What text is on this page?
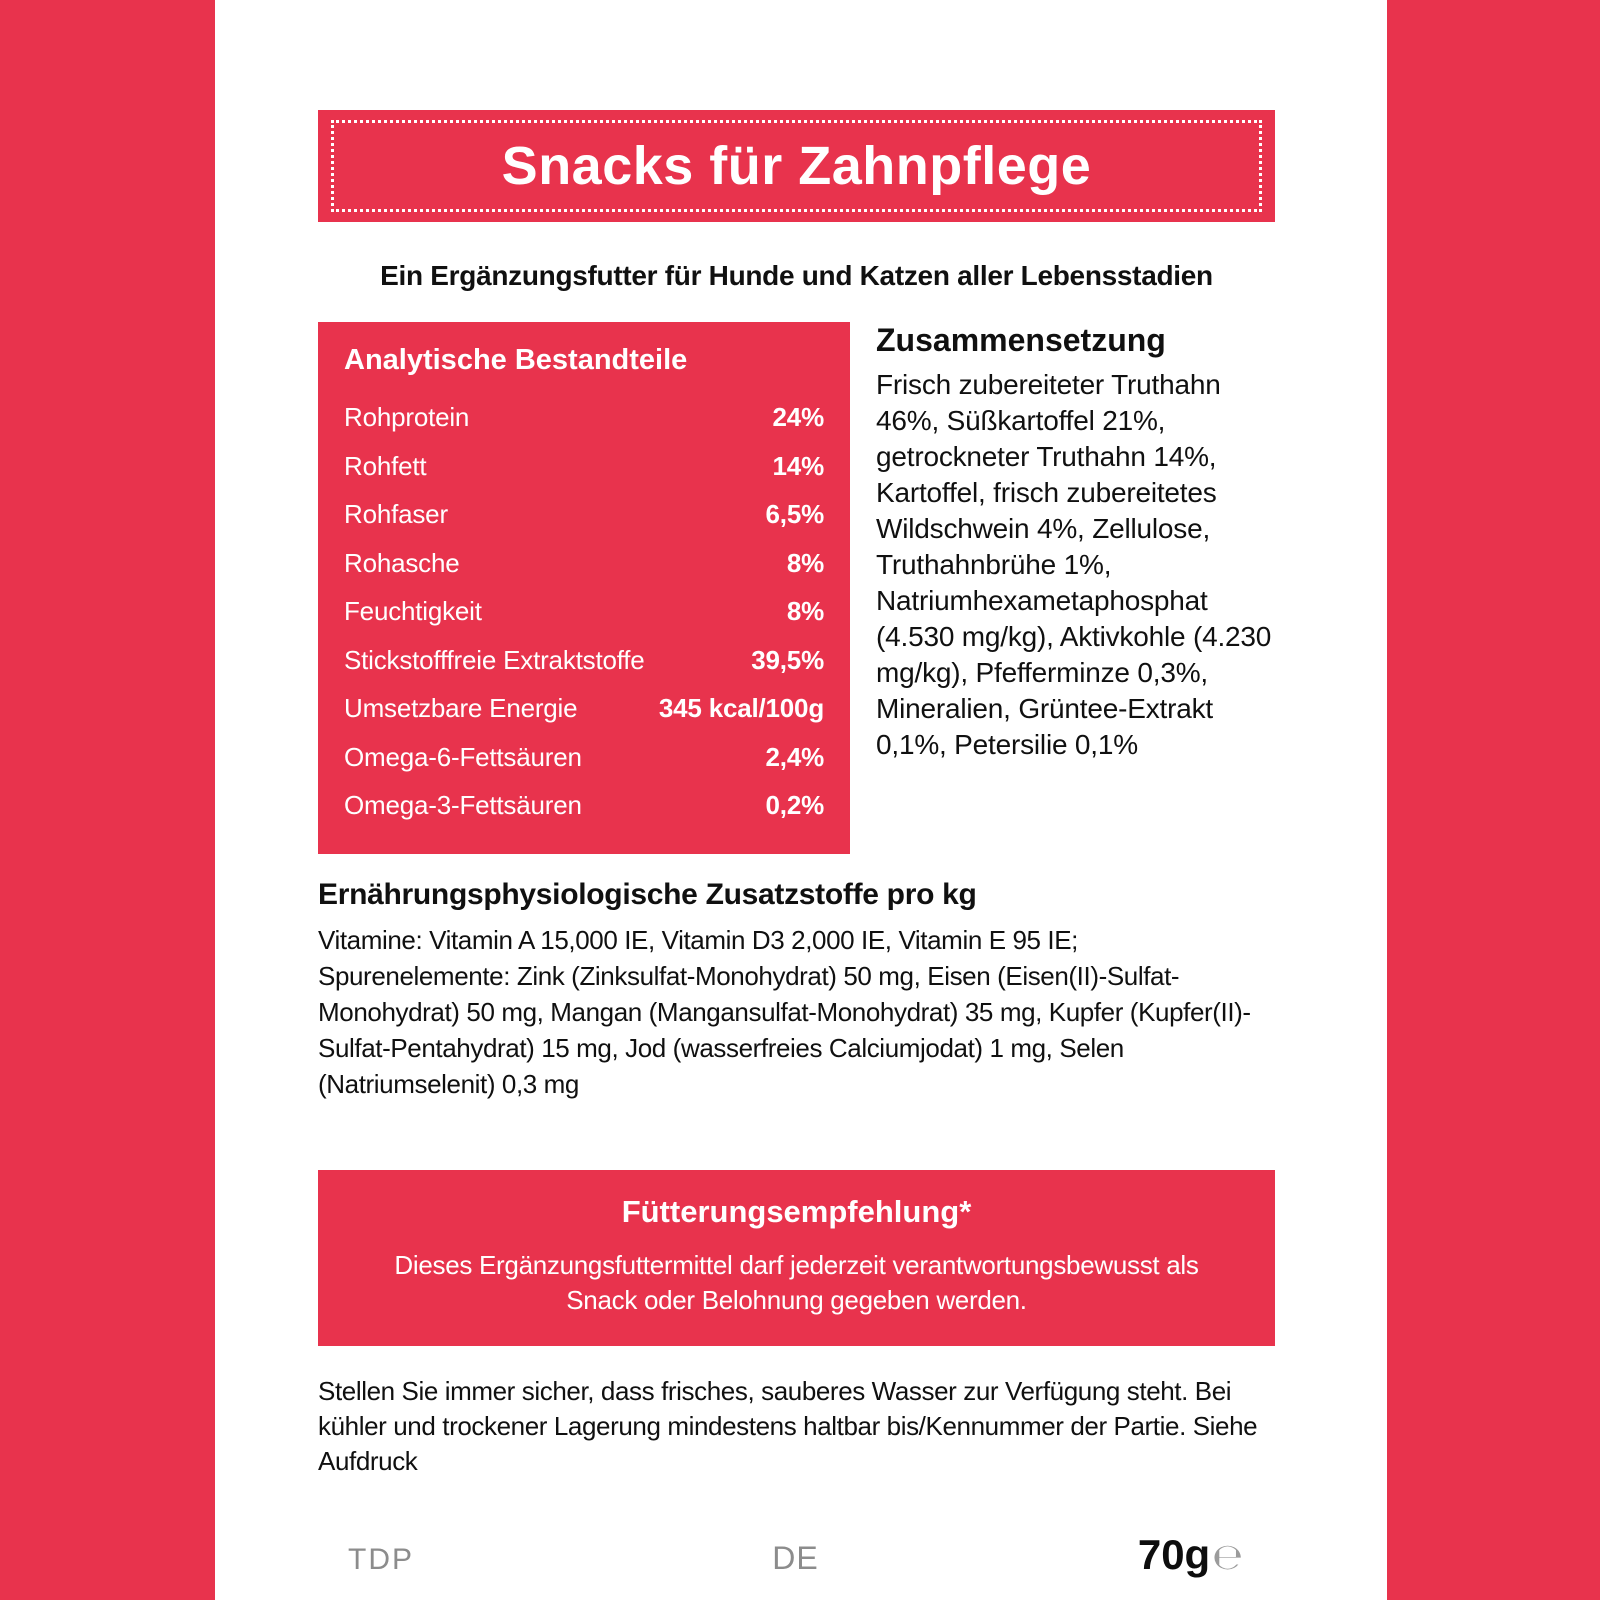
Snacks für Zahnpflege

Ein Ergänzungsfutter für Hunde und Katzen aller Lebensstadien

Analytische Bestandteile
Rohprotein	24%
Rohfett	14%
Rohfaser	6,5%
Rohasche	8%
Feuchtigkeit	8%
Stickstofffreie Extraktstoffe	39,5%
Umsetzbare Energie	345 kcal/100g
Omega-6-Fettsäuren	2,4%
Omega-3-Fettsäuren	0,2%
Zusammensetzung

Frisch zubereiteter Truthahn 46%, Süßkartoffel 21%, getrockneter Truthahn 14%, Kartoffel, frisch zubereitetes Wildschwein 4%, Zellulose, Truthahnbrühe 1%, Natriumhexametaphosphat (4.530 mg/kg), Aktivkohle (4.230 mg/kg), Pfefferminze 0,3%, Mineralien, Grüntee-Extrakt 0,1%, Petersilie 0,1%

Ernährungsphysiologische Zusatzstoffe pro kg

Vitamine: Vitamin A 15,000 IE, Vitamin D3 2,000 IE, Vitamin E 95 IE; Spurenelemente: Zink (Zinksulfat-Monohydrat) 50 mg, Eisen (Eisen(II)-Sulfat-Monohydrat) 50 mg, Mangan (Mangansulfat-Monohydrat) 35 mg, Kupfer (Kupfer(II)-Sulfat-Pentahydrat) 15 mg, Jod (wasserfreies Calciumjodat) 1 mg, Selen (Natriumselenit) 0,3 mg

Fütterungsempfehlung*

Dieses Ergänzungsfuttermittel darf jederzeit verantwortungsbewusst als Snack oder Belohnung gegeben werden.

Stellen Sie immer sicher, dass frisches, sauberes Wasser zur Verfügung steht. Bei kühler und trockener Lagerung mindestens haltbar bis/Kennummer der Partie. Siehe Aufdruck

TDP	DE	70g℮
